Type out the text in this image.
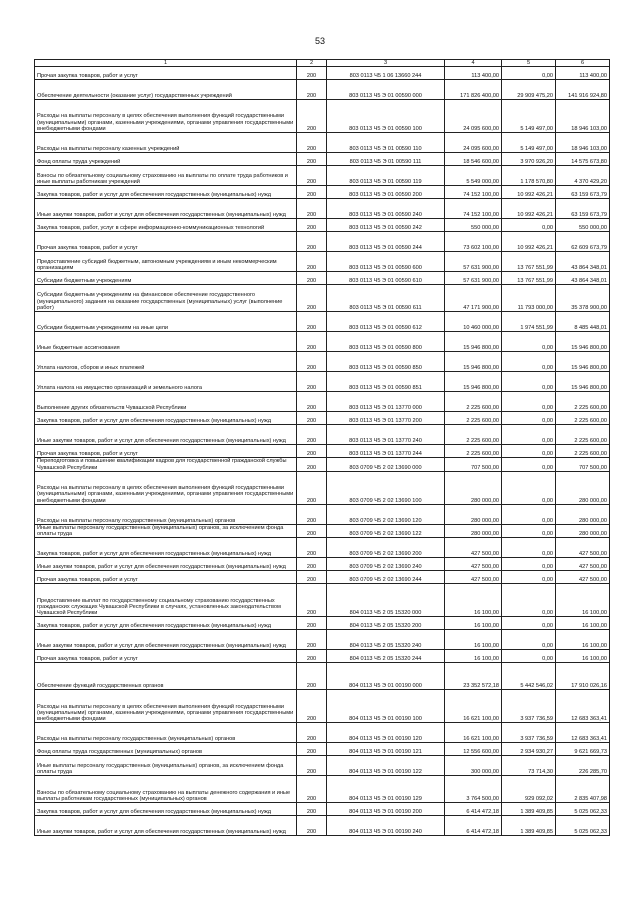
53
1	2	3	4	5	6
Прочая закупка товаров, работ и услуг	200	803 0113 Ч5 1 06 13660 244	113 400,00	0,00	113 400,00
Обеспечение деятельности (оказание услуг) государственных учреждений	200	803 0113 Ч5 Э 01 00590 000	171 826 400,00	29 909 475,20	141 916 924,80
Расходы на выплаты персоналу в целях обеспечения выполнения функций государственными (муниципальными) органами, казенными учреждениями, органами управления государственными внебюджетными фондами	200	803 0113 Ч5 Э 01 00590 100	24 095 600,00	5 149 497,00	18 946 103,00
Расходы на выплаты персоналу казенных учреждений	200	803 0113 Ч5 Э 01 00590 110	24 095 600,00	5 149 497,00	18 946 103,00
Фонд оплаты труда учреждений	200	803 0113 Ч5 Э 01 00590 111	18 546 600,00	3 970 926,20	14 575 673,80
Взносы по обязательному социальному страхованию на выплаты по оплате труда работников и иные выплаты работникам учреждений	200	803 0113 Ч5 Э 01 00590 119	5 549 000,00	1 178 570,80	4 370 429,20
Закупка товаров, работ и услуг для обеспечения государственных (муниципальных) нужд	200	803 0113 Ч5 Э 01 00590 200	74 152 100,00	10 992 426,21	63 159 673,79
Иные закупки товаров, работ и услуг для обеспечения государственных (муниципальных) нужд	200	803 0113 Ч5 Э 01 00590 240	74 152 100,00	10 992 426,21	63 159 673,79
Закупка товаров, работ, услуг в сфере информационно-коммуникационных технологий	200	803 0113 Ч5 Э 01 00590 242	550 000,00	0,00	550 000,00
Прочая закупка товаров, работ и услуг	200	803 0113 Ч5 Э 01 00590 244	73 602 100,00	10 992 426,21	62 609 673,79
Предоставление субсидий бюджетным, автономным учреждениям и иным некоммерческим организациям	200	803 0113 Ч5 Э 01 00590 600	57 631 900,00	13 767 551,99	43 864 348,01
Субсидии бюджетным учреждениям	200	803 0113 Ч5 Э 01 00590 610	57 631 900,00	13 767 551,99	43 864 348,01
Субсидии бюджетным учреждениям на финансовое обеспечение государственного (муниципального) задания на оказание государственных (муниципальных) услуг (выполнение работ)	200	803 0113 Ч5 Э 01 00590 611	47 171 900,00	11 793 000,00	35 378 900,00
Субсидии бюджетным учреждениям на иные цели	200	803 0113 Ч5 Э 01 00590 612	10 460 000,00	1 974 551,99	8 485 448,01
Иные бюджетные ассигнования	200	803 0113 Ч5 Э 01 00590 800	15 946 800,00	0,00	15 946 800,00
Уплата налогов, сборов и иных платежей	200	803 0113 Ч5 Э 01 00590 850	15 946 800,00	0,00	15 946 800,00
Уплата налога на имущество организаций и земельного налога	200	803 0113 Ч5 Э 01 00590 851	15 946 800,00	0,00	15 946 800,00
Выполнение других обязательств Чувашской Республики	200	803 0113 Ч5 Э 01 13770 000	2 225 600,00	0,00	2 225 600,00
Закупка товаров, работ и услуг для обеспечения государственных (муниципальных) нужд	200	803 0113 Ч5 Э 01 13770 200	2 225 600,00	0,00	2 225 600,00
Иные закупки товаров, работ и услуг для обеспечения государственных (муниципальных) нужд	200	803 0113 Ч5 Э 01 13770 240	2 225 600,00	0,00	2 225 600,00
Прочая закупка товаров, работ и услуг	200	803 0113 Ч5 Э 01 13770 244	2 225 600,00	0,00	2 225 600,00
Переподготовка и повышение квалификации кадров для государственной гражданской службы Чувашской Республики	200	803 0709 Ч5 2 02 13690 000	707 500,00	0,00	707 500,00
Расходы на выплаты персоналу в целях обеспечения выполнения функций государственными (муниципальными) органами, казенными учреждениями, органами управления государственными внебюджетными фондами	200	803 0709 Ч5 2 02 13690 100	280 000,00	0,00	280 000,00
Расходы на выплаты персоналу государственных (муниципальных) органов	200	803 0709 Ч5 2 02 13690 120	280 000,00	0,00	280 000,00
Иные выплаты персоналу государственных (муниципальных) органов, за исключением фонда оплаты труда	200	803 0709 Ч5 2 02 13690 122	280 000,00	0,00	280 000,00
Закупка товаров, работ и услуг для обеспечения государственных (муниципальных) нужд	200	803 0709 Ч5 2 02 13690 200	427 500,00	0,00	427 500,00
Иные закупки товаров, работ и услуг для обеспечения государственных (муниципальных) нужд	200	803 0709 Ч5 2 02 13690 240	427 500,00	0,00	427 500,00
Прочая закупка товаров, работ и услуг	200	803 0709 Ч5 2 02 13690 244	427 500,00	0,00	427 500,00
Предоставление выплат по государственному социальному страхованию государственных гражданских служащих Чувашской Республики в случаях, установленных законодательством Чувашской Республики	200	804 0113 Ч5 2 05 15320 000	16 100,00	0,00	16 100,00
Закупка товаров, работ и услуг для обеспечения государственных (муниципальных) нужд	200	804 0113 Ч5 2 05 15320 200	16 100,00	0,00	16 100,00
Иные закупки товаров, работ и услуг для обеспечения государственных (муниципальных) нужд	200	804 0113 Ч5 2 05 15320 240	16 100,00	0,00	16 100,00
Прочая закупка товаров, работ и услуг	200	804 0113 Ч5 2 05 15320 244	16 100,00	0,00	16 100,00
Обеспечение функций государственных органов	200	804 0113 Ч5 Э 01 00190 000	23 352 572,18	5 442 546,02	17 910 026,16
Расходы на выплаты персоналу в целях обеспечения выполнения функций государственными (муниципальными) органами, казенными учреждениями, органами управления государственными внебюджетными фондами	200	804 0113 Ч5 Э 01 00190 100	16 621 100,00	3 937 736,59	12 683 363,41
Расходы на выплаты персоналу государственных (муниципальных) органов	200	804 0113 Ч5 Э 01 00190 120	16 621 100,00	3 937 736,59	12 683 363,41
Фонд оплаты труда государственных (муниципальных) органов	200	804 0113 Ч5 Э 01 00190 121	12 556 600,00	2 934 930,27	9 621 669,73
Иные выплаты персоналу государственных (муниципальных) органов, за исключением фонда оплаты труда	200	804 0113 Ч5 Э 01 00190 122	300 000,00	73 714,30	226 285,70
Взносы по обязательному социальному страхованию на выплаты денежного содержания и иные выплаты работникам государственных (муниципальных) органов	200	804 0113 Ч5 Э 01 00190 129	3 764 500,00	929 092,02	2 835 407,98
Закупка товаров, работ и услуг для обеспечения государственных (муниципальных) нужд	200	804 0113 Ч5 Э 01 00190 200	6 414 472,18	1 389 409,85	5 025 062,33
Иные закупки товаров, работ и услуг для обеспечения государственных (муниципальных) нужд	200	804 0113 Ч5 Э 01 00190 240	6 414 472,18	1 389 409,85	5 025 062,33
